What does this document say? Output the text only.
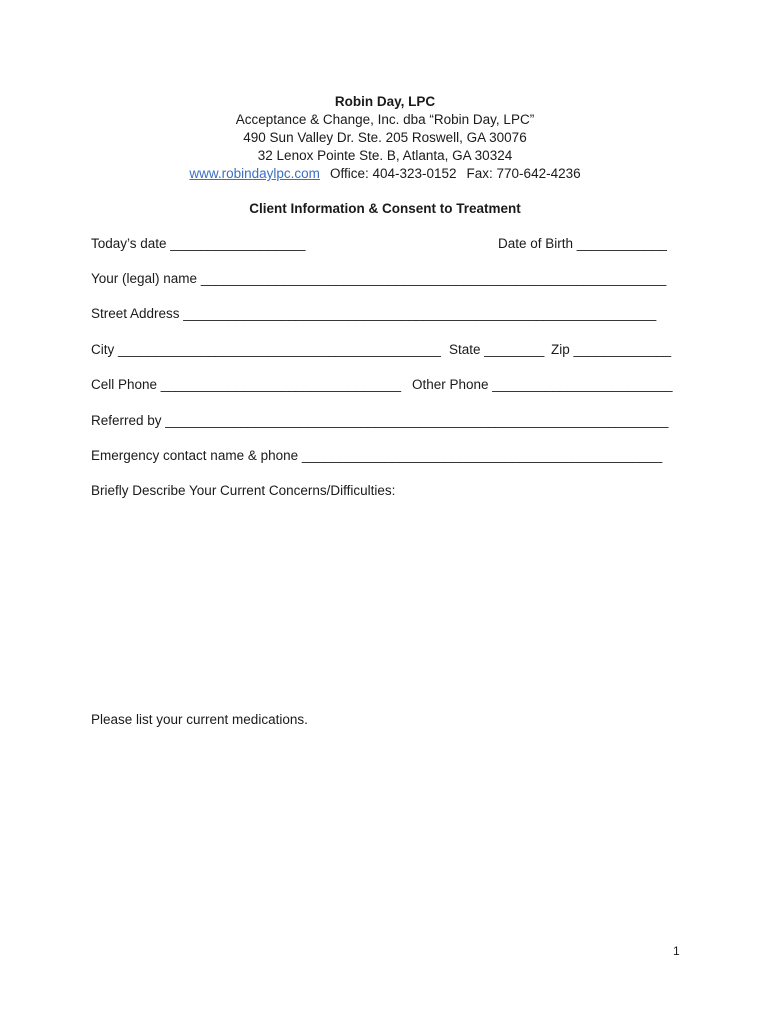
Robin Day, LPC
Acceptance & Change, Inc. dba “Robin Day, LPC”
490 Sun Valley Dr. Ste. 205 Roswell, GA 30076
32 Lenox Pointe Ste. B, Atlanta, GA 30324
www.robindaylpc.com Office: 404-323-0152 Fax: 770-642-4236
Client Information & Consent to Treatment
Today’s date __________________	Date of Birth ____________
Your (legal) name ______________________________________________________________
Street Address _______________________________________________________________
City ___________________________________________ State ________ Zip _____________
Cell Phone ________________________________ Other Phone ________________________
Referred by ___________________________________________________________________
Emergency contact name & phone ________________________________________________
Briefly Describe Your Current Concerns/Difficulties:
Please list your current medications.
1
